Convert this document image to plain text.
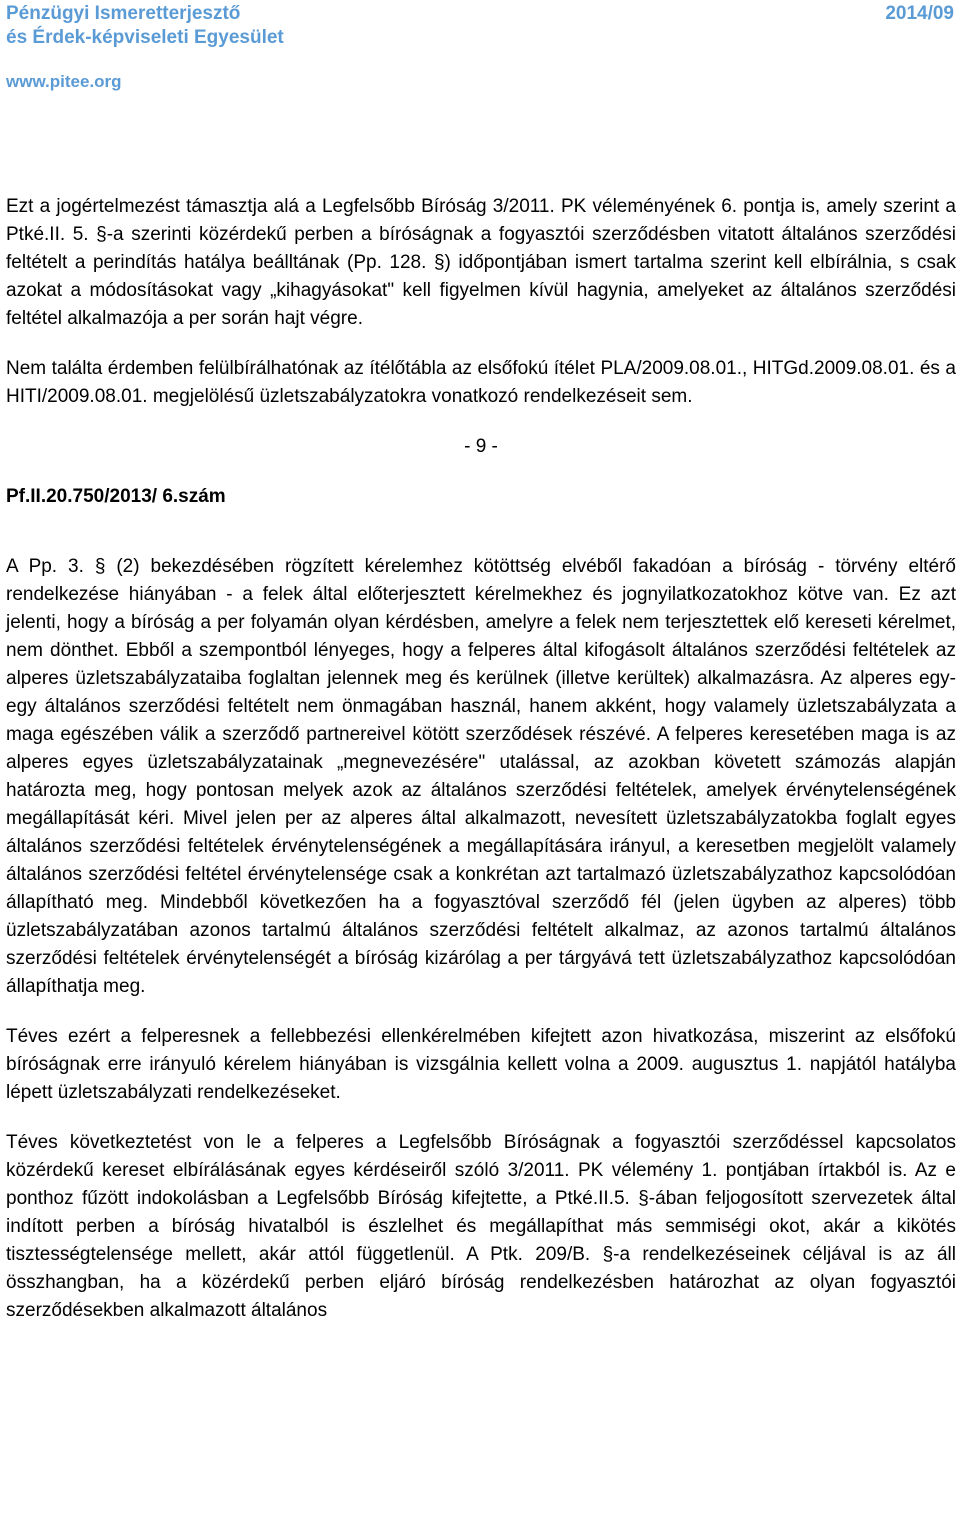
Pénzügyi Ismeretterjesztő
és Érdek-képviseleti Egyesület
2014/09
www.pitee.org

Ezt a jogértelmezést támasztja alá a Legfelsőbb Bíróság 3/2011. PK véleményének 6. pontja is, amely szerint a Ptké.II. 5. §-a szerinti közérdekű perben a bíróságnak a fogyasztói szerződésben vitatott általános szerződési feltételt a perindítás hatálya beálltának (Pp. 128. §) időpontjában ismert tartalma szerint kell elbírálnia, s csak azokat a módosításokat vagy „kihagyásokat" kell figyelmen kívül hagynia, amelyeket az általános szerződési feltétel alkalmazója a per során hajt végre.

Nem találta érdemben felülbírálhatónak az ítélőtábla az elsőfokú ítélet PLA/2009.08.01., HITGd.2009.08.01. és a HITI/2009.08.01. megjelölésű üzletszabályzatokra vonatkozó rendelkezéseit sem.

- 9 -
Pf.II.20.750/2013/ 6.szám

A Pp. 3. § (2) bekezdésében rögzített kérelemhez kötöttség elvéből fakadóan a bíróság - törvény eltérő rendelkezése hiányában - a felek által előterjesztett kérelmekhez és jognyilatkozatokhoz kötve van. Ez azt jelenti, hogy a bíróság a per folyamán olyan kérdésben, amelyre a felek nem terjesztettek elő kereseti kérelmet, nem dönthet. Ebből a szempontból lényeges, hogy a felperes által kifogásolt általános szerződési feltételek az alperes üzletszabályzataiba foglaltan jelennek meg és kerülnek (illetve kerültek) alkalmazásra. Az alperes egy-egy általános szerződési feltételt nem önmagában használ, hanem akként, hogy valamely üzletszabályzata a maga egészében válik a szerződő partnereivel kötött szerződések részévé. A felperes keresetében maga is az alperes egyes üzletszabályzatainak „megnevezésére" utalással, az azokban követett számozás alapján határozta meg, hogy pontosan melyek azok az általános szerződési feltételek, amelyek érvénytelenségének megállapítását kéri. Mivel jelen per az alperes által alkalmazott, nevesített üzletszabályzatokba foglalt egyes általános szerződési feltételek érvénytelenségének a megállapítására irányul, a keresetben megjelölt valamely általános szerződési feltétel érvénytelensége csak a konkrétan azt tartalmazó üzletszabályzathoz kapcsolódóan állapítható meg. Mindebből következően ha a fogyasztóval szerződő fél (jelen ügyben az alperes) több üzletszabályzatában azonos tartalmú általános szerződési feltételt alkalmaz, az azonos tartalmú általános szerződési feltételek érvénytelenségét a bíróság kizárólag a per tárgyává tett üzletszabályzathoz kapcsolódóan állapíthatja meg.

Téves ezért a felperesnek a fellebbezési ellenkérelmében kifejtett azon hivatkozása, miszerint az elsőfokú bíróságnak erre irányuló kérelem hiányában is vizsgálnia kellett volna a 2009. augusztus 1. napjától hatályba lépett üzletszabályzati rendelkezéseket.

Téves következtetést von le a felperes a Legfelsőbb Bíróságnak a fogyasztói szerződéssel kapcsolatos közérdekű kereset elbírálásának egyes kérdéseiről szóló 3/2011. PK vélemény 1. pontjában írtakból is. Az e ponthoz fűzött indokolásban a Legfelsőbb Bíróság kifejtette, a Ptké.II.5. §-ában feljogosított szervezetek által indított perben a bíróság hivatalból is észlelhet és megállapíthat más semmiségi okot, akár a kikötés tisztességtelensége mellett, akár attól függetlenül. A Ptk. 209/B. §-a rendelkezéseinek céljával is az áll összhangban, ha a közérdekű perben eljáró bíróság rendelkezésben határozhat az olyan fogyasztói szerződésekben alkalmazott általános
